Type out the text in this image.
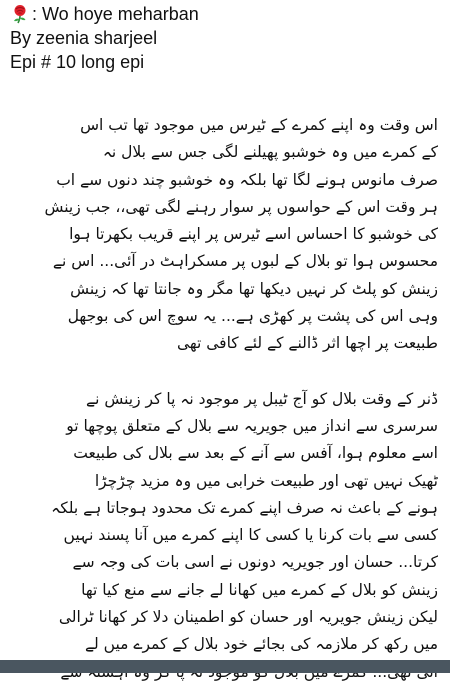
: Wo hoye meharban
By zeenia sharjeel
Epi # 10 long epi
اس وقت وہ اپنے کمرے کے ٹیرس میں موجود تھا تب اس
کے کمرے میں وہ خوشبو پھیلنے لگی جس سے بلال نہ
صرف مانوس ہونے لگا تھا بلکہ وہ خوشبو چند دنوں سے اب
ہر وقت اس کے حواسوں پر سوار رہنے لگی تھی،، جب زینش
کی خوشبو کا احساس اسے ٹیرس پر اپنے قریب بکھرتا ہوا
محسوس ہوا تو بلال کے لبوں پر مسکراہٹ در آئی... اس نے
زینش کو پلٹ کر نہیں دیکھا تھا مگر وہ جانتا تھا کہ زینش
وہی اس کی پشت پر کھڑی ہے... یہ سوچ اس کی بوجھل
طبیعت پر اچھا اثر ڈالنے کے لئے کافی تھی
ڈنر کے وقت بلال کو آج ٹیبل پر موجود نہ پا کر زینش نے
سرسری سے انداز میں جویریہ سے بلال کے متعلق پوچھا تو
اسے معلوم ہوا، آفس سے آنے کے بعد سے بلال کی طبیعت
ٹھیک نہیں تھی اور طبیعت خرابی میں وہ مزید چڑچڑا
ہونے کے باعث نہ صرف اپنے کمرے تک محدود ہوجاتا ہے بلکہ
کسی سے بات کرنا یا کسی کا اپنے کمرے میں آنا پسند نہیں
کرتا... حسان اور جویریہ دونوں نے اسی بات کی وجہ سے
زینش کو بلال کے کمرے میں کھانا لے جانے سے منع کیا تھا
لیکن زینش جویریہ اور حسان کو اطمینان دلا کر کھانا ٹرالی
میں رکھ کر ملازمہ کی بجائے خود بلال کے کمرے میں لے
